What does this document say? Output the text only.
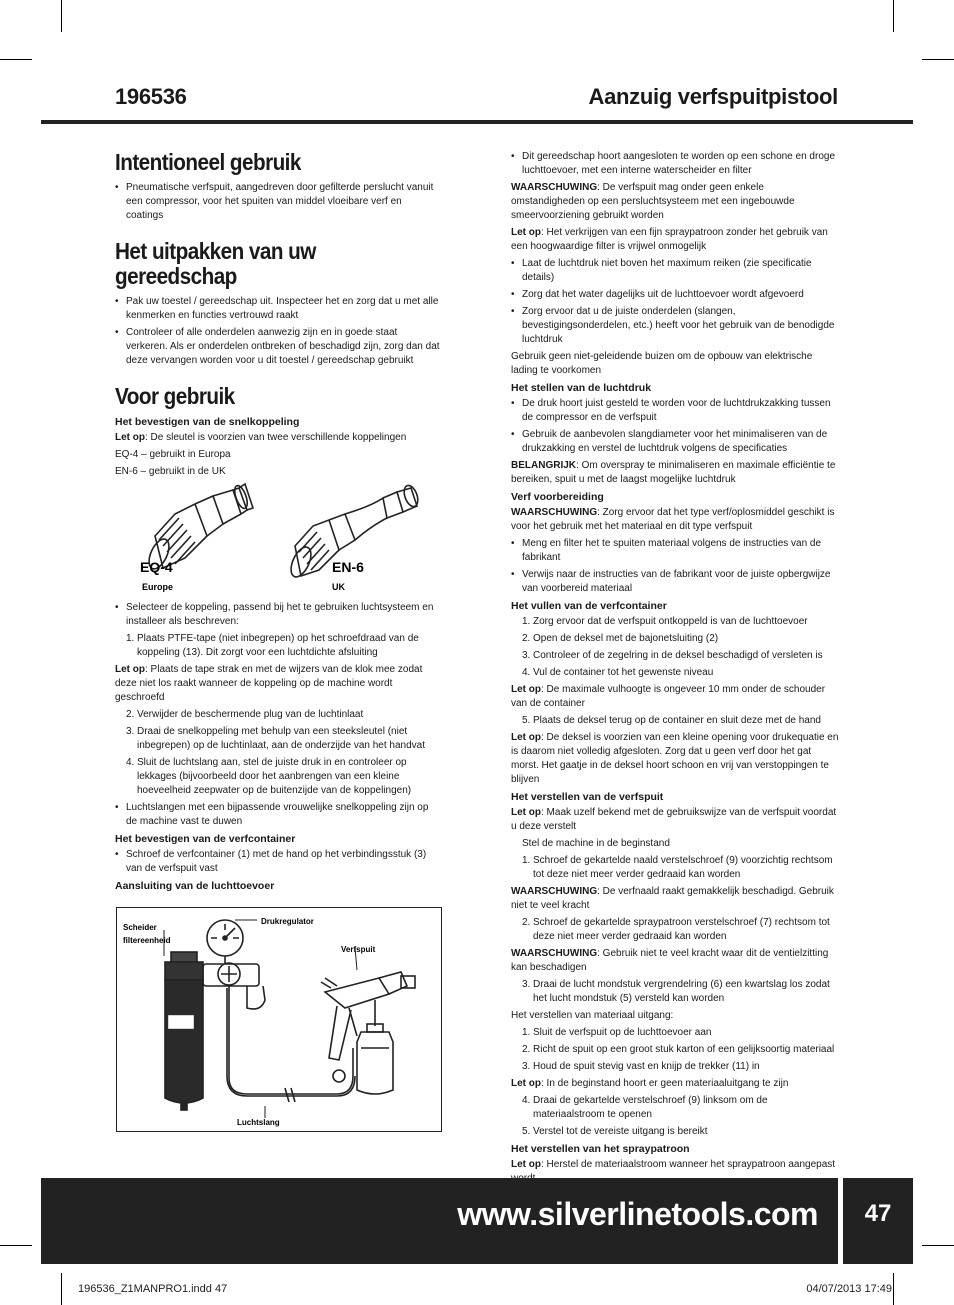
196536	Aanzuig verfspuitpistool
Intentioneel gebruik
• Pneumatische verfspuit, aangedreven door gefilterde perslucht vanuit een compressor, voor het spuiten van middel vloeibare verf en coatings
Het uitpakken van uw gereedschap
• Pak uw toestel / gereedschap uit. Inspecteer het en zorg dat u met alle kenmerken en functies vertrouwd raakt
• Controleer of alle onderdelen aanwezig zijn en in goede staat verkeren. Als er onderdelen ontbreken of beschadigd zijn, zorg dan dat deze vervangen worden voor u dit toestel / gereedschap gebruikt
Voor gebruik
Het bevestigen van de snelkoppeling

Let op: De sleutel is voorzien van twee verschillende koppelingen

EQ-4 – gebruikt in Europa

EN-6 – gebruikt in de UK

EQ-4
Europe
EN-6
UK
• Selecteer de koppeling, passend bij het te gebruiken luchtsysteem en installeer als beschreven:
1. Plaats PTFE-tape (niet inbegrepen) op het schroefdraad van de koppeling (13). Dit zorgt voor een luchtdichte afsluiting

Let op: Plaats de tape strak en met de wijzers van de klok mee zodat deze niet los raakt wanneer de koppeling op de machine wordt geschroefd

2. Verwijder de beschermende plug van de luchtinlaat
3. Draai de snelkoppeling met behulp van een steeksleutel (niet inbegrepen) op de luchtinlaat, aan de onderzijde van het handvat
4. Sluit de luchtslang aan, stel de juiste druk in en controleer op lekkages (bijvoorbeeld door het aanbrengen van een kleine hoeveelheid zeepwater op de buitenzijde van de koppelingen)
• Luchtslangen met een bijpassende vrouwelijke snelkoppeling zijn op de machine vast te duwen
Het bevestigen van de verfcontainer
• Schroef de verfcontainer (1) met de hand op het verbindingsstuk (3) van de verfspuit vast
Aansluiting van de luchttoevoer
Scheider
filtereenheid
Drukregulator
Verfspuit
Luchtslang
• Dit gereedschap hoort aangesloten te worden op een schone en droge luchttoevoer, met een interne waterscheider en filter

WAARSCHUWING: De verfspuit mag onder geen enkele omstandigheden op een persluchtsysteem met een ingebouwde smeervoorziening gebruikt worden

Let op: Het verkrijgen van een fijn spraypatroon zonder het gebruik van een hoogwaardige filter is vrijwel onmogelijk

• Laat de luchtdruk niet boven het maximum reiken (zie specificatie details)
• Zorg dat het water dagelijks uit de luchttoevoer wordt afgevoerd
• Zorg ervoor dat u de juiste onderdelen (slangen, bevestigingsonderdelen, etc.) heeft voor het gebruik van de benodigde luchtdruk

Gebruik geen niet-geleidende buizen om de opbouw van elektrische lading te voorkomen

Het stellen van de luchtdruk
• De druk hoort juist gesteld te worden voor de luchtdrukzakking tussen de compressor en de verfspuit
• Gebruik de aanbevolen slangdiameter voor het minimaliseren van de drukzakking en verstel de luchtdruk volgens de specificaties

BELANGRIJK: Om overspray te minimaliseren en maximale efficiëntie te bereiken, spuit u met de laagst mogelijke luchtdruk

Verf voorbereiding

WAARSCHUWING: Zorg ervoor dat het type verf/oplosmiddel geschikt is voor het gebruik met het materiaal en dit type verfspuit

• Meng en filter het te spuiten materiaal volgens de instructies van de fabrikant
• Verwijs naar de instructies van de fabrikant voor de juiste opbergwijze van voorbereid materiaal
Het vullen van de verfcontainer
1. Zorg ervoor dat de verfspuit ontkoppeld is van de luchttoevoer
2. Open de deksel met de bajonetsluiting (2)
3. Controleer of de zegelring in de deksel beschadigd of versleten is
4. Vul de container tot het gewenste niveau

Let op: De maximale vulhoogte is ongeveer 10 mm onder de schouder van de container

5. Plaats de deksel terug op de container en sluit deze met de hand

Let op: De deksel is voorzien van een kleine opening voor drukequatie en is daarom niet volledig afgesloten. Zorg dat u geen verf door het gat morst. Het gaatje in de deksel hoort schoon en vrij van verstoppingen te blijven

Het verstellen van de verfspuit

Let op: Maak uzelf bekend met de gebruikswijze van de verfspuit voordat u deze verstelt

Stel de machine in de beginstand

1. Schroef de gekartelde naald verstelschroef (9) voorzichtig rechtsom tot deze niet meer verder gedraaid kan worden

WAARSCHUWING: De verfnaald raakt gemakkelijk beschadigd. Gebruik niet te veel kracht

2. Schroef de gekartelde spraypatroon verstelschroef (7) rechtsom tot deze niet meer verder gedraaid kan worden

WAARSCHUWING: Gebruik niet te veel kracht waar dit de ventielzitting kan beschadigen

3. Draai de lucht mondstuk vergrendelring (6) een kwartslag los zodat het lucht mondstuk (5) versteld kan worden

Het verstellen van materiaal uitgang:

1. Sluit de verfspuit op de luchttoevoer aan
2. Richt de spuit op een groot stuk karton of een gelijksoortig materiaal
3. Houd de spuit stevig vast en knijp de trekker (11) in

Let op: In de beginstand hoort er geen materiaaluitgang te zijn

4. Draai de gekartelde verstelschroef (9) linksom om de materiaalstroom te openen
5. Verstel tot de vereiste uitgang is bereikt
Het verstellen van het spraypatroon

Let op: Herstel de materiaalstroom wanneer het spraypatroon aangepast

www.silverlinetools.com	47
196536_Z1MANPRO1.indd 47	04/07/2013 17:49
